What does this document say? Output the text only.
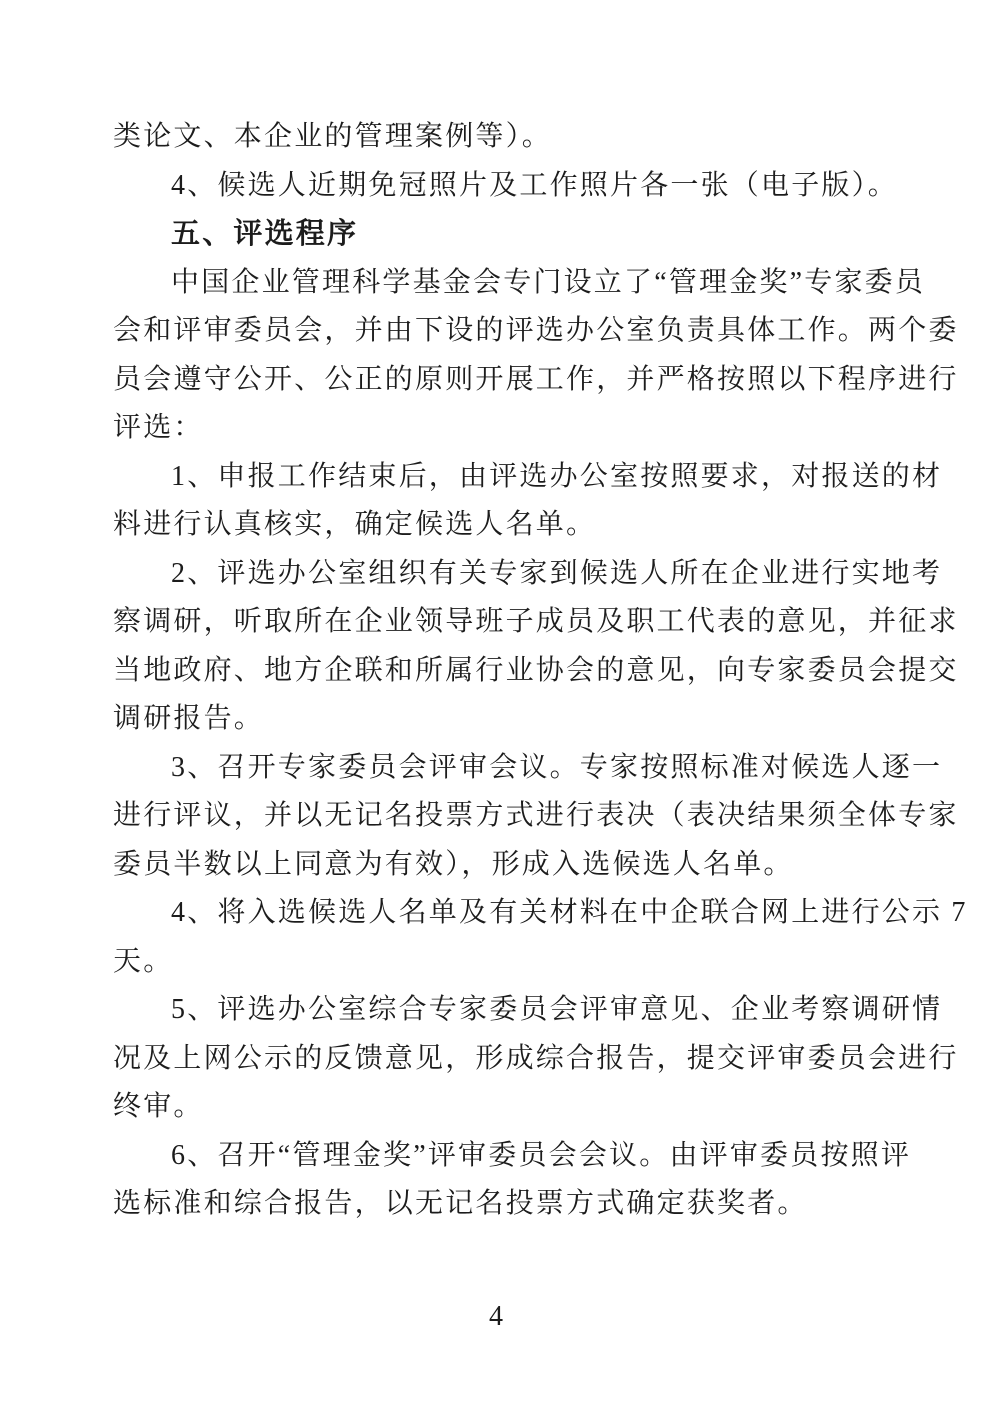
类论文、本企业的管理案例等）。
4、候选人近期免冠照片及工作照片各一张（电子版）。
五、评选程序
中国企业管理科学基金会专门设立了“管理金奖”专家委员
会和评审委员会，并由下设的评选办公室负责具体工作。两个委
员会遵守公开、公正的原则开展工作，并严格按照以下程序进行
评选：
1、申报工作结束后，由评选办公室按照要求，对报送的材
料进行认真核实，确定候选人名单。
2、评选办公室组织有关专家到候选人所在企业进行实地考
察调研，听取所在企业领导班子成员及职工代表的意见，并征求
当地政府、地方企联和所属行业协会的意见，向专家委员会提交
调研报告。
3、召开专家委员会评审会议。专家按照标准对候选人逐一
进行评议，并以无记名投票方式进行表决（表决结果须全体专家
委员半数以上同意为有效），形成入选候选人名单。
4、将入选候选人名单及有关材料在中企联合网上进行公示 7
天。
5、评选办公室综合专家委员会评审意见、企业考察调研情
况及上网公示的反馈意见，形成综合报告，提交评审委员会进行
终审。
6、召开“管理金奖”评审委员会会议。由评审委员按照评
选标准和综合报告，以无记名投票方式确定获奖者。
4
